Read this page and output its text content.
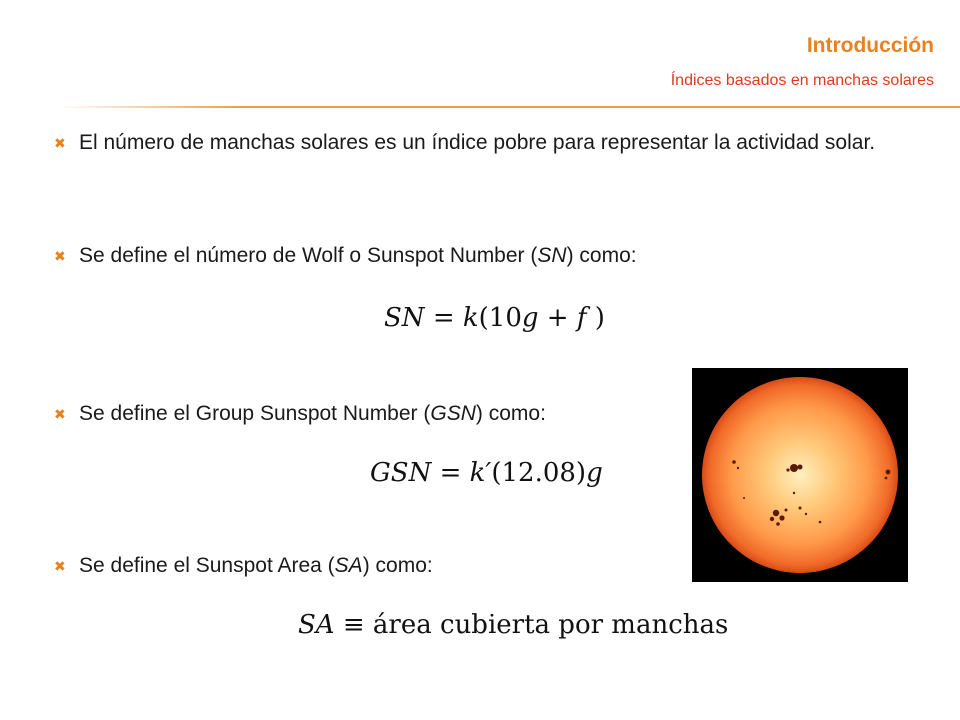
Introducción
Índices basados en manchas solares
✖ El número de manchas solares es un índice pobre para representar la actividad solar.
✖ Se define el número de Wolf o Sunspot Number (SN) como:
SN = k(10g + f )
✖ Se define el Group Sunspot Number (GSN) como:
GSN = k′(12.08)g
✖ Se define el Sunspot Area (SA) como:
SA ≡ área cubierta por manchas
